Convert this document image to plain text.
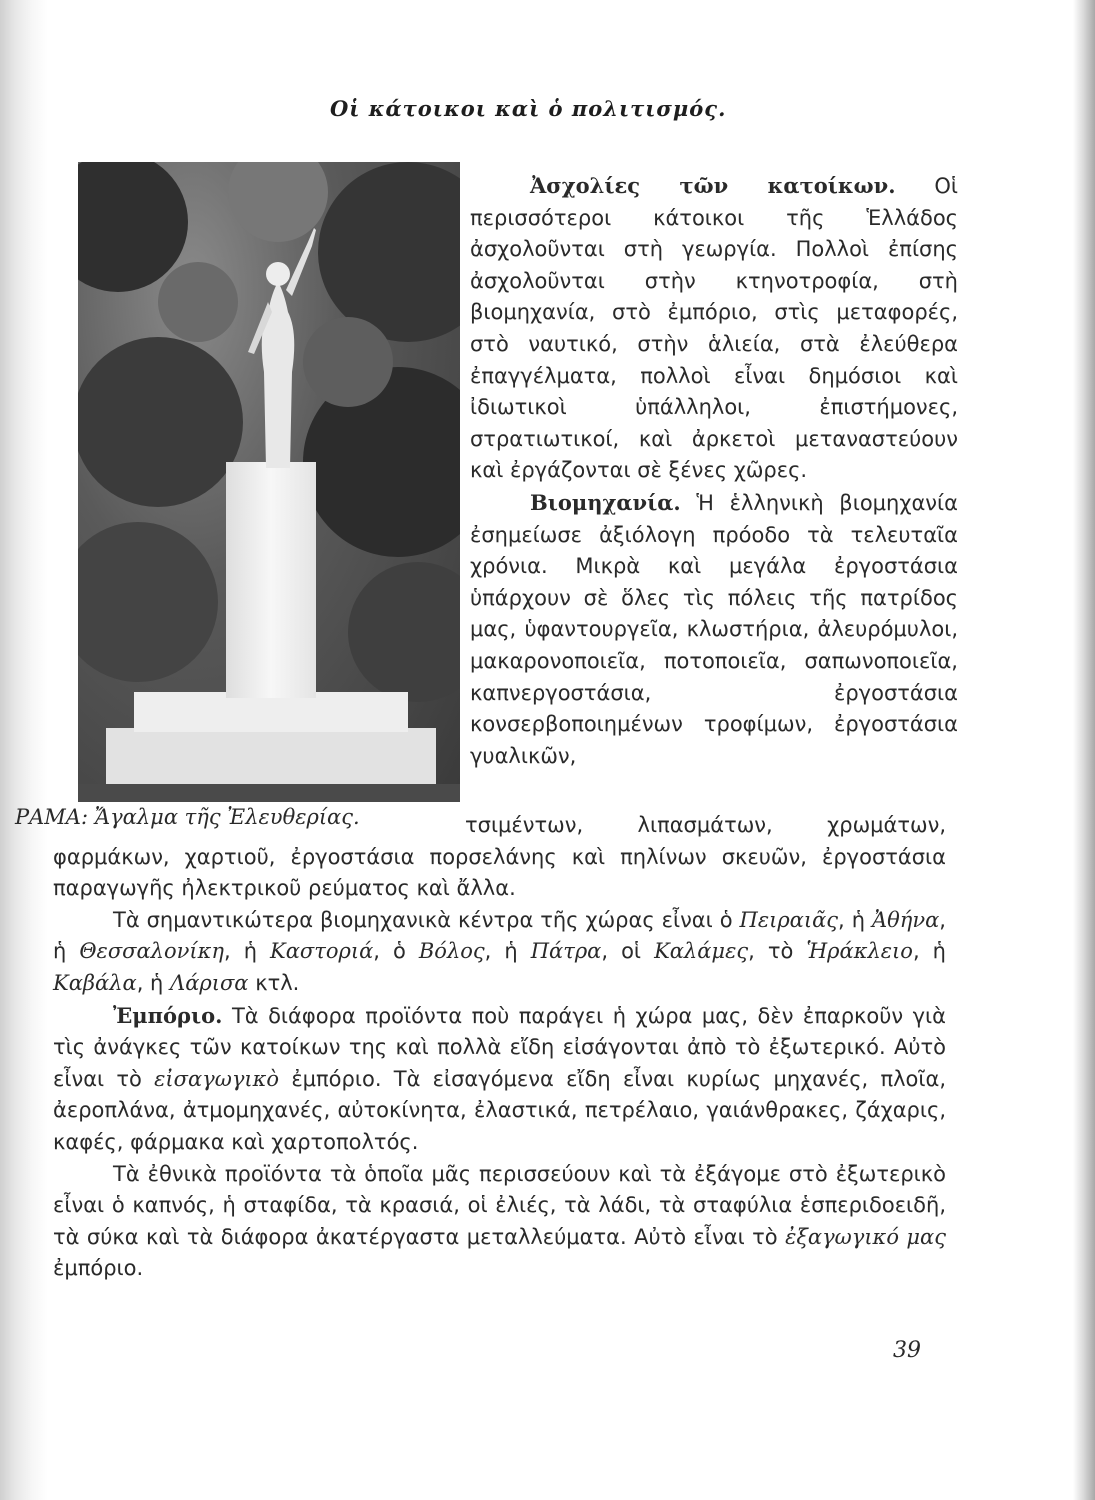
Οἱ κάτοικοι καὶ ὁ πολιτισμός.
ΡΑΜΑ: Ἄγαλμα τῆς Ἐλευθερίας.

Ἀσχολίες τῶν κατοίκων. Οἱ περισσότεροι κάτοικοι τῆς Ἑλλάδος ἀσχολοῦνται στὴ γεωργία. Πολλοὶ ἐπίσης ἀσχολοῦνται στὴν κτηνοτροφία, στὴ βιομηχανία, στὸ ἐμπόριο, στὶς μεταφορές, στὸ ναυτικό, στὴν ἁλιεία, στὰ ἐλεύθερα ἐπαγγέλματα, πολλοὶ εἶναι δημόσιοι καὶ ἰδιωτικοὶ ὑπάλληλοι, ἐπιστήμονες, στρατιωτικοί, καὶ ἀρκετοὶ μεταναστεύουν καὶ ἐργάζονται σὲ ξένες χῶρες.

Βιομηχανία. Ἡ ἑλληνικὴ βιομηχανία ἐσημείωσε ἀξιόλογη πρόοδο τὰ τελευταῖα χρόνια. Μικρὰ καὶ μεγάλα ἐργοστάσια ὑπάρχουν σὲ ὅλες τὶς πόλεις τῆς πατρίδος μας, ὑφαντουργεῖα, κλωστήρια, ἀλευρόμυλοι, μακαρονοποιεῖα, ποτοποιεῖα, σαπωνοποιεῖα, καπνεργοστάσια, ἐργοστάσια κονσερβοποιημένων τροφίμων, ἐργοστάσια γυαλικῶν,

τσιμέντων, λιπασμάτων, χρωμάτων, φαρμάκων, χαρτιοῦ, ἐργοστάσια πορσελάνης καὶ πηλίνων σκευῶν, ἐργοστάσια παραγωγῆς ἠλεκτρικοῦ ρεύματος καὶ ἄλλα.

Τὰ σημαντικώτερα βιομηχανικὰ κέντρα τῆς χώρας εἶναι ὁ Πειραιᾶς, ἡ Ἀθήνα, ἡ Θεσσαλονίκη, ἡ Καστοριά, ὁ Βόλος, ἡ Πάτρα, οἱ Καλάμες, τὸ Ἡράκλειο, ἡ Καβάλα, ἡ Λάρισα κτλ.

Ἐμπόριο. Τὰ διάφορα προϊόντα ποὺ παράγει ἡ χώρα μας, δὲν ἐπαρκοῦν γιὰ τὶς ἀνάγκες τῶν κατοίκων της καὶ πολλὰ εἴδη εἰσάγονται ἀπὸ τὸ ἐξωτερικό. Αὐτὸ εἶναι τὸ εἰσαγωγικὸ ἐμπόριο. Τὰ εἰσαγόμενα εἴδη εἶναι κυρίως μηχανές, πλοῖα, ἀεροπλάνα, ἀτμομηχανές, αὐτοκίνητα, ἐλαστικά, πετρέλαιο, γαιάνθρακες, ζάχαρις, καφές, φάρμακα καὶ χαρτοπολτός.

Τὰ ἐθνικὰ προϊόντα τὰ ὁποῖα μᾶς περισσεύουν καὶ τὰ ἐξάγομε στὸ ἐξωτερικὸ εἶναι ὁ καπνός, ἡ σταφίδα, τὰ κρασιά, οἱ ἐλιές, τὰ λάδι, τὰ σταφύλια ἑσπεριδοειδῆ, τὰ σύκα καὶ τὰ διάφορα ἀκατέργαστα μεταλλεύματα. Αὐτὸ εἶναι τὸ ἐξαγωγικό μας ἐμπόριο.

39
